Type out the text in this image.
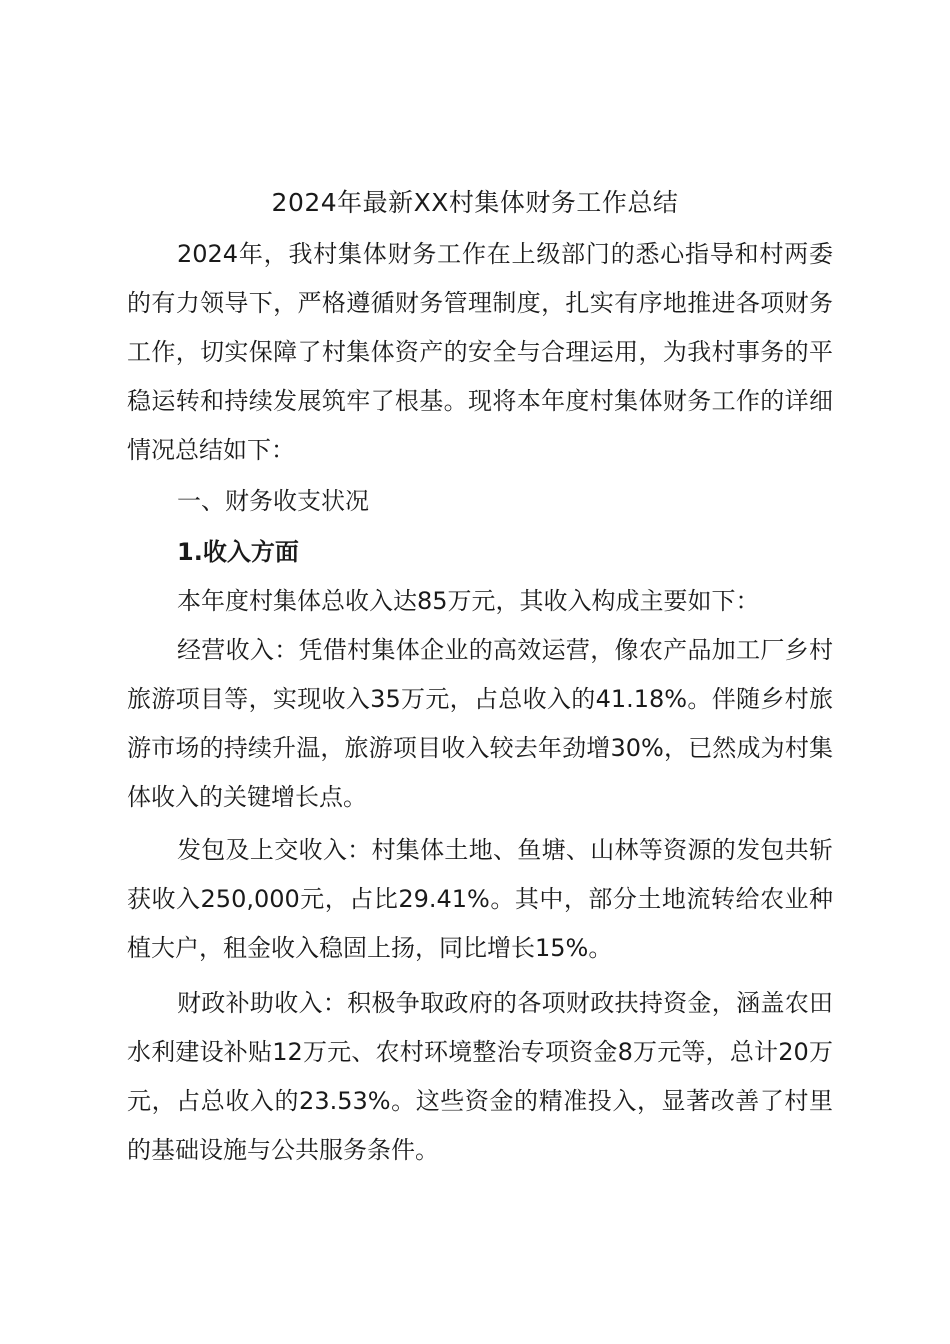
2024年最新XX村集体财务工作总结

2024年，我村集体财务工作在上级部门的悉心指导和村两委的有力领导下，严格遵循财务管理制度，扎实有序地推进各项财务工作，切实保障了村集体资产的安全与合理运用，为我村事务的平稳运转和持续发展筑牢了根基。现将本年度村集体财务工作的详细情况总结如下：

一、财务收支状况

1.收入方面

本年度村集体总收入达85万元，其收入构成主要如下：

经营收入：凭借村集体企业的高效运营，像农产品加工厂乡村旅游项目等，实现收入35万元，占总收入的41.18%。伴随乡村旅游市场的持续升温，旅游项目收入较去年劲增30%，已然成为村集体收入的关键增长点。

发包及上交收入：村集体土地、鱼塘、山林等资源的发包共斩获收入250,000元，占比29.41%。其中，部分土地流转给农业种植大户，租金收入稳固上扬，同比增长15%。

财政补助收入：积极争取政府的各项财政扶持资金，涵盖农田水利建设补贴12万元、农村环境整治专项资金8万元等，总计20万元，占总收入的23.53%。这些资金的精准投入，显著改善了村里的基础设施与公共服务条件。
